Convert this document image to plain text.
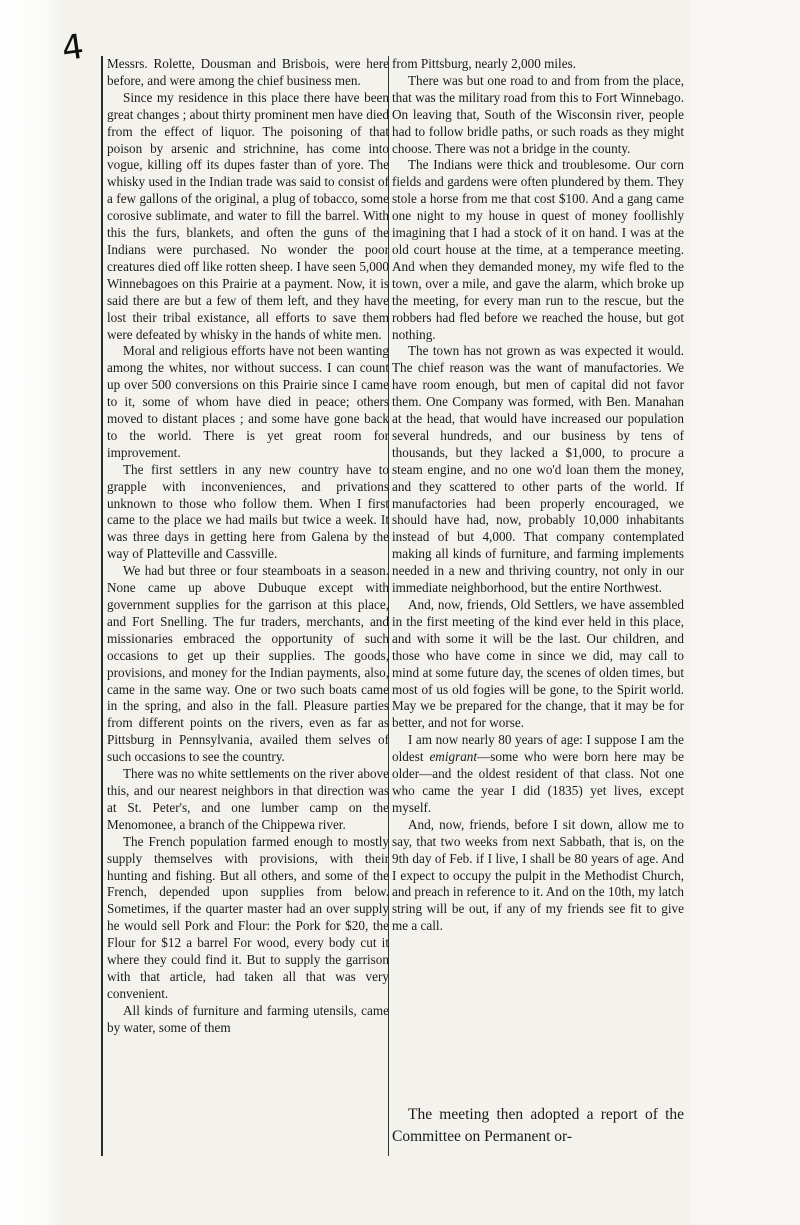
4 Messrs. Rolette, Dousman and Brisbois, were here before, and were among the chief business men.

Since my residence in this place there have been great changes ; about thirty prominent men have died from the effect of liquor. The poisoning of that poison by arsenic and strichnine, has come into vogue, killing off its dupes faster than of yore. The whisky used in the Indian trade was said to consist of a few gallons of the original, a plug of tobacco, some corosive sublimate, and water to fill the barrel. With this the furs, blankets, and often the guns of the Indians were purchased. No wonder the poor creatures died off like rotten sheep. I have seen 5,000 Winnebagoes on this Prairie at a payment. Now, it is said there are but a few of them left, and they have lost their tribal existance, all efforts to save them were defeated by whisky in the hands of white men.

Moral and religious efforts have not been wanting among the whites, nor without success. I can count up over 500 conversions on this Prairie since I came to it, some of whom have died in peace; others moved to distant places ; and some have gone back to the world. There is yet great room for improvement.

The first settlers in any new country have to grapple with inconveniences, and privations unknown to those who follow them. When I first came to the place we had mails but twice a week. It was three days in getting here from Galena by the way of Platteville and Cassville.

We had but three or four steamboats in a season. None came up above Dubuque except with government supplies for the garrison at this place, and Fort Snelling. The fur traders, merchants, and missionaries embraced the opportunity of such occasions to get up their supplies. The goods, provisions, and money for the Indian payments, also, came in the same way. One or two such boats came in the spring, and also in the fall. Pleasure parties from different points on the rivers, even as far as Pittsburg in Pennsylvania, availed them selves of such occasions to see the country.

There was no white settlements on the river above this, and our nearest neighbors in that direction was at St. Peter's, and one lumber camp on the Menomonee, a branch of the Chippewa river.

The French population farmed enough to mostly supply themselves with provisions, with their hunting and fishing. But all others, and some of the French, depended upon supplies from below. Sometimes, if the quarter master had an over supply he would sell Pork and Flour: the Pork for $20, the Flour for $12 a barrel For wood, every body cut it where they could find it. But to supply the garrison with that article, had taken all that was very convenient.

All kinds of furniture and farming utensils, came by water, some of them

from Pittsburg, nearly 2,000 miles.

There was but one road to and from from the place, that was the military road from this to Fort Winnebago. On leaving that, South of the Wisconsin river, people had to follow bridle paths, or such roads as they might choose. There was not a bridge in the county.

The Indians were thick and troublesome. Our corn fields and gardens were often plundered by them. They stole a horse from me that cost $100. And a gang came one night to my house in quest of money foollishly imagining that I had a stock of it on hand. I was at the old court house at the time, at a temperance meeting. And when they demanded money, my wife fled to the town, over a mile, and gave the alarm, which broke up the meeting, for every man run to the rescue, but the robbers had fled before we reached the house, but got nothing.

The town has not grown as was expected it would. The chief reason was the want of manufactories. We have room enough, but men of capital did not favor them. One Company was formed, with Ben. Manahan at the head, that would have increased our population several hundreds, and our business by tens of thousands, but they lacked a $1,000, to procure a steam engine, and no one wo'd loan them the money, and they scattered to other parts of the world. If manufactories had been properly encouraged, we should have had, now, probably 10,000 inhabitants instead of but 4,000. That company contemplated making all kinds of furniture, and farming implements needed in a new and thriving country, not only in our immediate neighborhood, but the entire Northwest.

And, now, friends, Old Settlers, we have assembled in the first meeting of the kind ever held in this place, and with some it will be the last. Our children, and those who have come in since we did, may call to mind at some future day, the scenes of olden times, but most of us old fogies will be gone, to the Spirit world. May we be prepared for the change, that it may be for better, and not for worse.

I am now nearly 80 years of age: I suppose I am the oldest emigrant—some who were born here may be older—and the oldest resident of that class. Not one who came the year I did (1835) yet lives, except myself.

And, now, friends, before I sit down, allow me to say, that two weeks from next Sabbath, that is, on the 9th day of Feb. if I live, I shall be 80 years of age. And I expect to occupy the pulpit in the Methodist Church, and preach in reference to it. And on the 10th, my latch string will be out, if any of my friends see fit to give me a call.

The meeting then adopted a report of the Committee on Permanent or-
